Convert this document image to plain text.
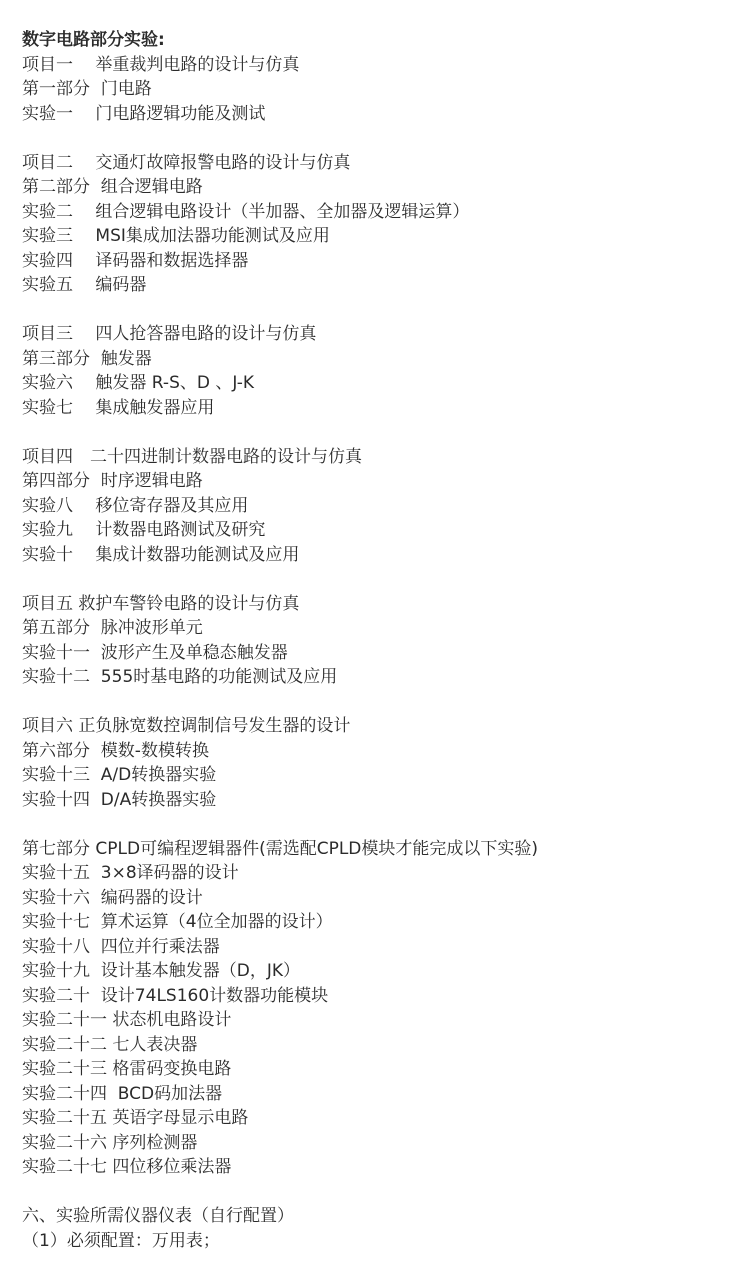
数字电路部分实验:
项目一　 举重裁判电路的设计与仿真
第一部分  门电路
实验一　 门电路逻辑功能及测试
项目二　 交通灯故障报警电路的设计与仿真
第二部分  组合逻辑电路
实验二　 组合逻辑电路设计（半加器、全加器及逻辑运算）
实验三　 MSI集成加法器功能测试及应用
实验四　 译码器和数据选择器
实验五　 编码器
项目三　 四人抢答器电路的设计与仿真
第三部分  触发器
实验六　 触发器 R-S、D 、J-K
实验七　 集成触发器应用
项目四　二十四进制计数器电路的设计与仿真
第四部分  时序逻辑电路
实验八　 移位寄存器及其应用
实验九　 计数器电路测试及研究
实验十　 集成计数器功能测试及应用
项目五 救护车警铃电路的设计与仿真
第五部分  脉冲波形单元
实验十一  波形产生及单稳态触发器
实验十二  555时基电路的功能测试及应用
项目六 正负脉宽数控调制信号发生器的设计
第六部分  模数-数模转换
实验十三  A/D转换器实验
实验十四  D/A转换器实验
第七部分 CPLD可编程逻辑器件(需选配CPLD模块才能完成以下实验)
实验十五  3×8译码器的设计
实验十六  编码器的设计
实验十七  算术运算（4位全加器的设计）
实验十八  四位并行乘法器
实验十九  设计基本触发器（D，JK）
实验二十  设计74LS160计数器功能模块
实验二十一 状态机电路设计
实验二十二 七人表决器
实验二十三 格雷码变换电路
实验二十四  BCD码加法器
实验二十五 英语字母显示电路
实验二十六 序列检测器
实验二十七 四位移位乘法器
六、实验所需仪器仪表（自行配置）
（1）必须配置：万用表；
